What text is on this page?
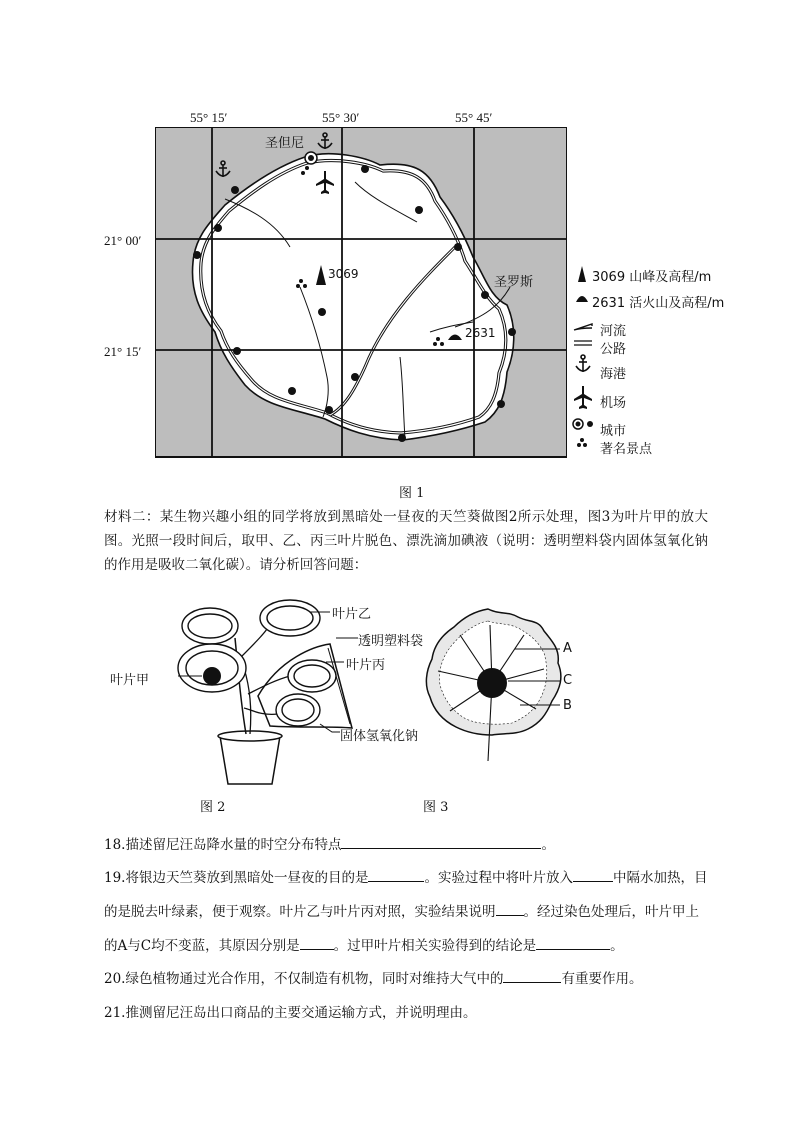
55° 15′	55° 30′	55° 45′
21° 00′
21° 15′
圣但尼
圣罗斯
3069
2631
3069 山峰及高程/m
2631 活火山及高程/m
河流
公路
海港
机场
城市
著名景点
图 1
材料二：某生物兴趣小组的同学将放到黑暗处一昼夜的天竺葵做图2所示处理，图3为叶片甲的放大图。光照一段时间后，取甲、乙、丙三叶片脱色、漂洗滴加碘液（说明：透明塑料袋内固体氢氧化钠的作用是吸收二氧化碳）。请分析回答问题：
叶片乙
透明塑料袋
叶片丙
叶片甲
固体氢氧化钠
图 2
A
C
B
图 3
18.描述留尼汪岛降水量的时空分布特点	。
19.将银边天竺葵放到黑暗处一昼夜的目的是	。实验过程中将叶片放入	中隔水加热，目
的是脱去叶绿素，便于观察。叶片乙与叶片丙对照，实验结果说明 。经过染色处理后，叶片甲上
的A与C均不变蓝，其原因分别是	。过甲叶片相关实验得到的结论是	。
20.绿色植物通过光合作用，不仅制造有机物，同时对维持大气中的	有重要作用。
21.推测留尼汪岛出口商品的主要交通运输方式，并说明理由。
